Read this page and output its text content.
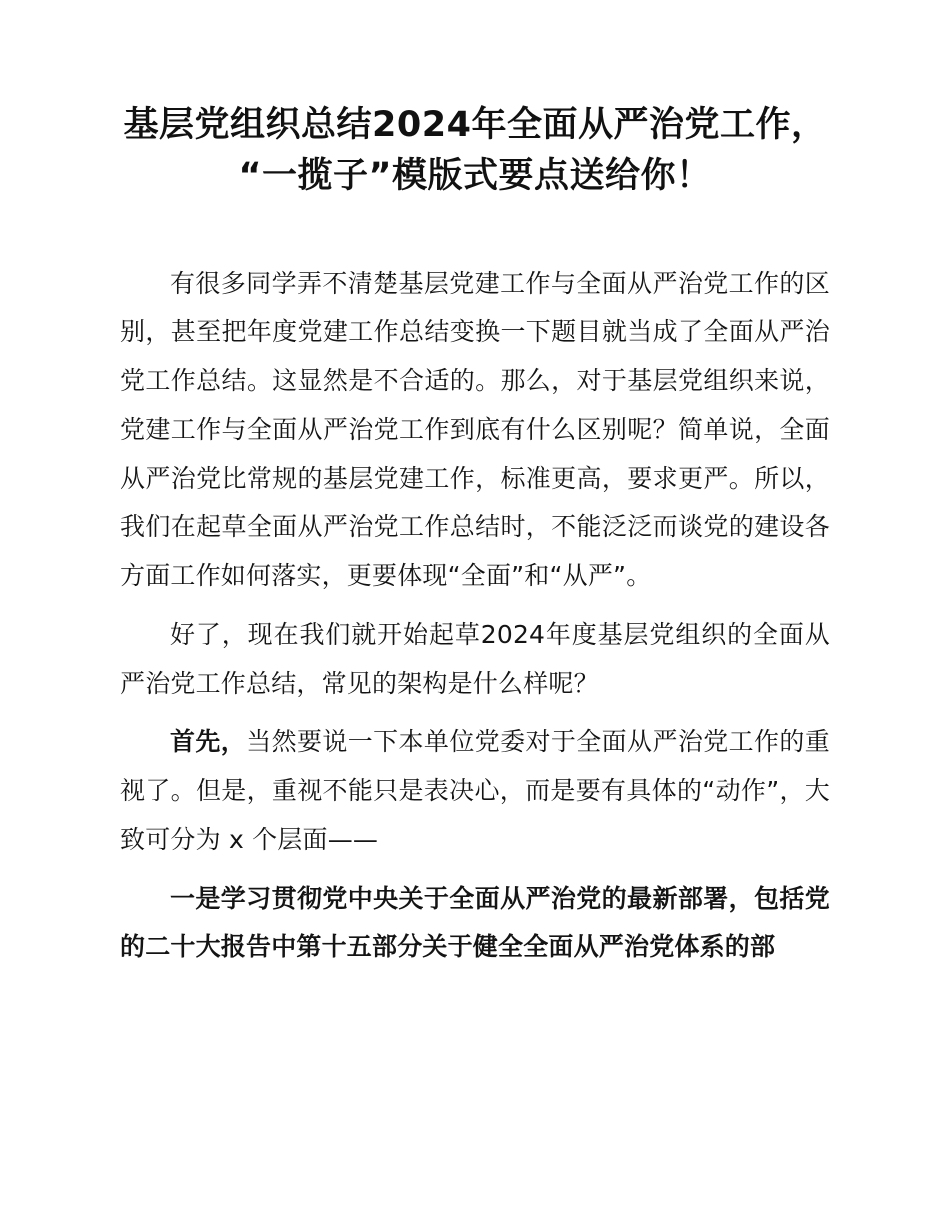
基层党组织总结2024年全面从严治党工作，
“一揽子”模版式要点送给你！

有很多同学弄不清楚基层党建工作与全面从严治党工作的区别，甚至把年度党建工作总结变换一下题目就当成了全面从严治党工作总结。这显然是不合适的。那么，对于基层党组织来说，党建工作与全面从严治党工作到底有什么区别呢？简单说，全面从严治党比常规的基层党建工作，标准更高，要求更严。所以，我们在起草全面从严治党工作总结时，不能泛泛而谈党的建设各方面工作如何落实，更要体现“全面”和“从严”。

好了，现在我们就开始起草2024年度基层党组织的全面从严治党工作总结，常见的架构是什么样呢？

首先，当然要说一下本单位党委对于全面从严治党工作的重视了。但是，重视不能只是表决心，而是要有具体的“动作”，大致可分为 x 个层面——

一是学习贯彻党中央关于全面从严治党的最新部署，包括党的二十大报告中第十五部分关于健全全面从严治党体系的部
